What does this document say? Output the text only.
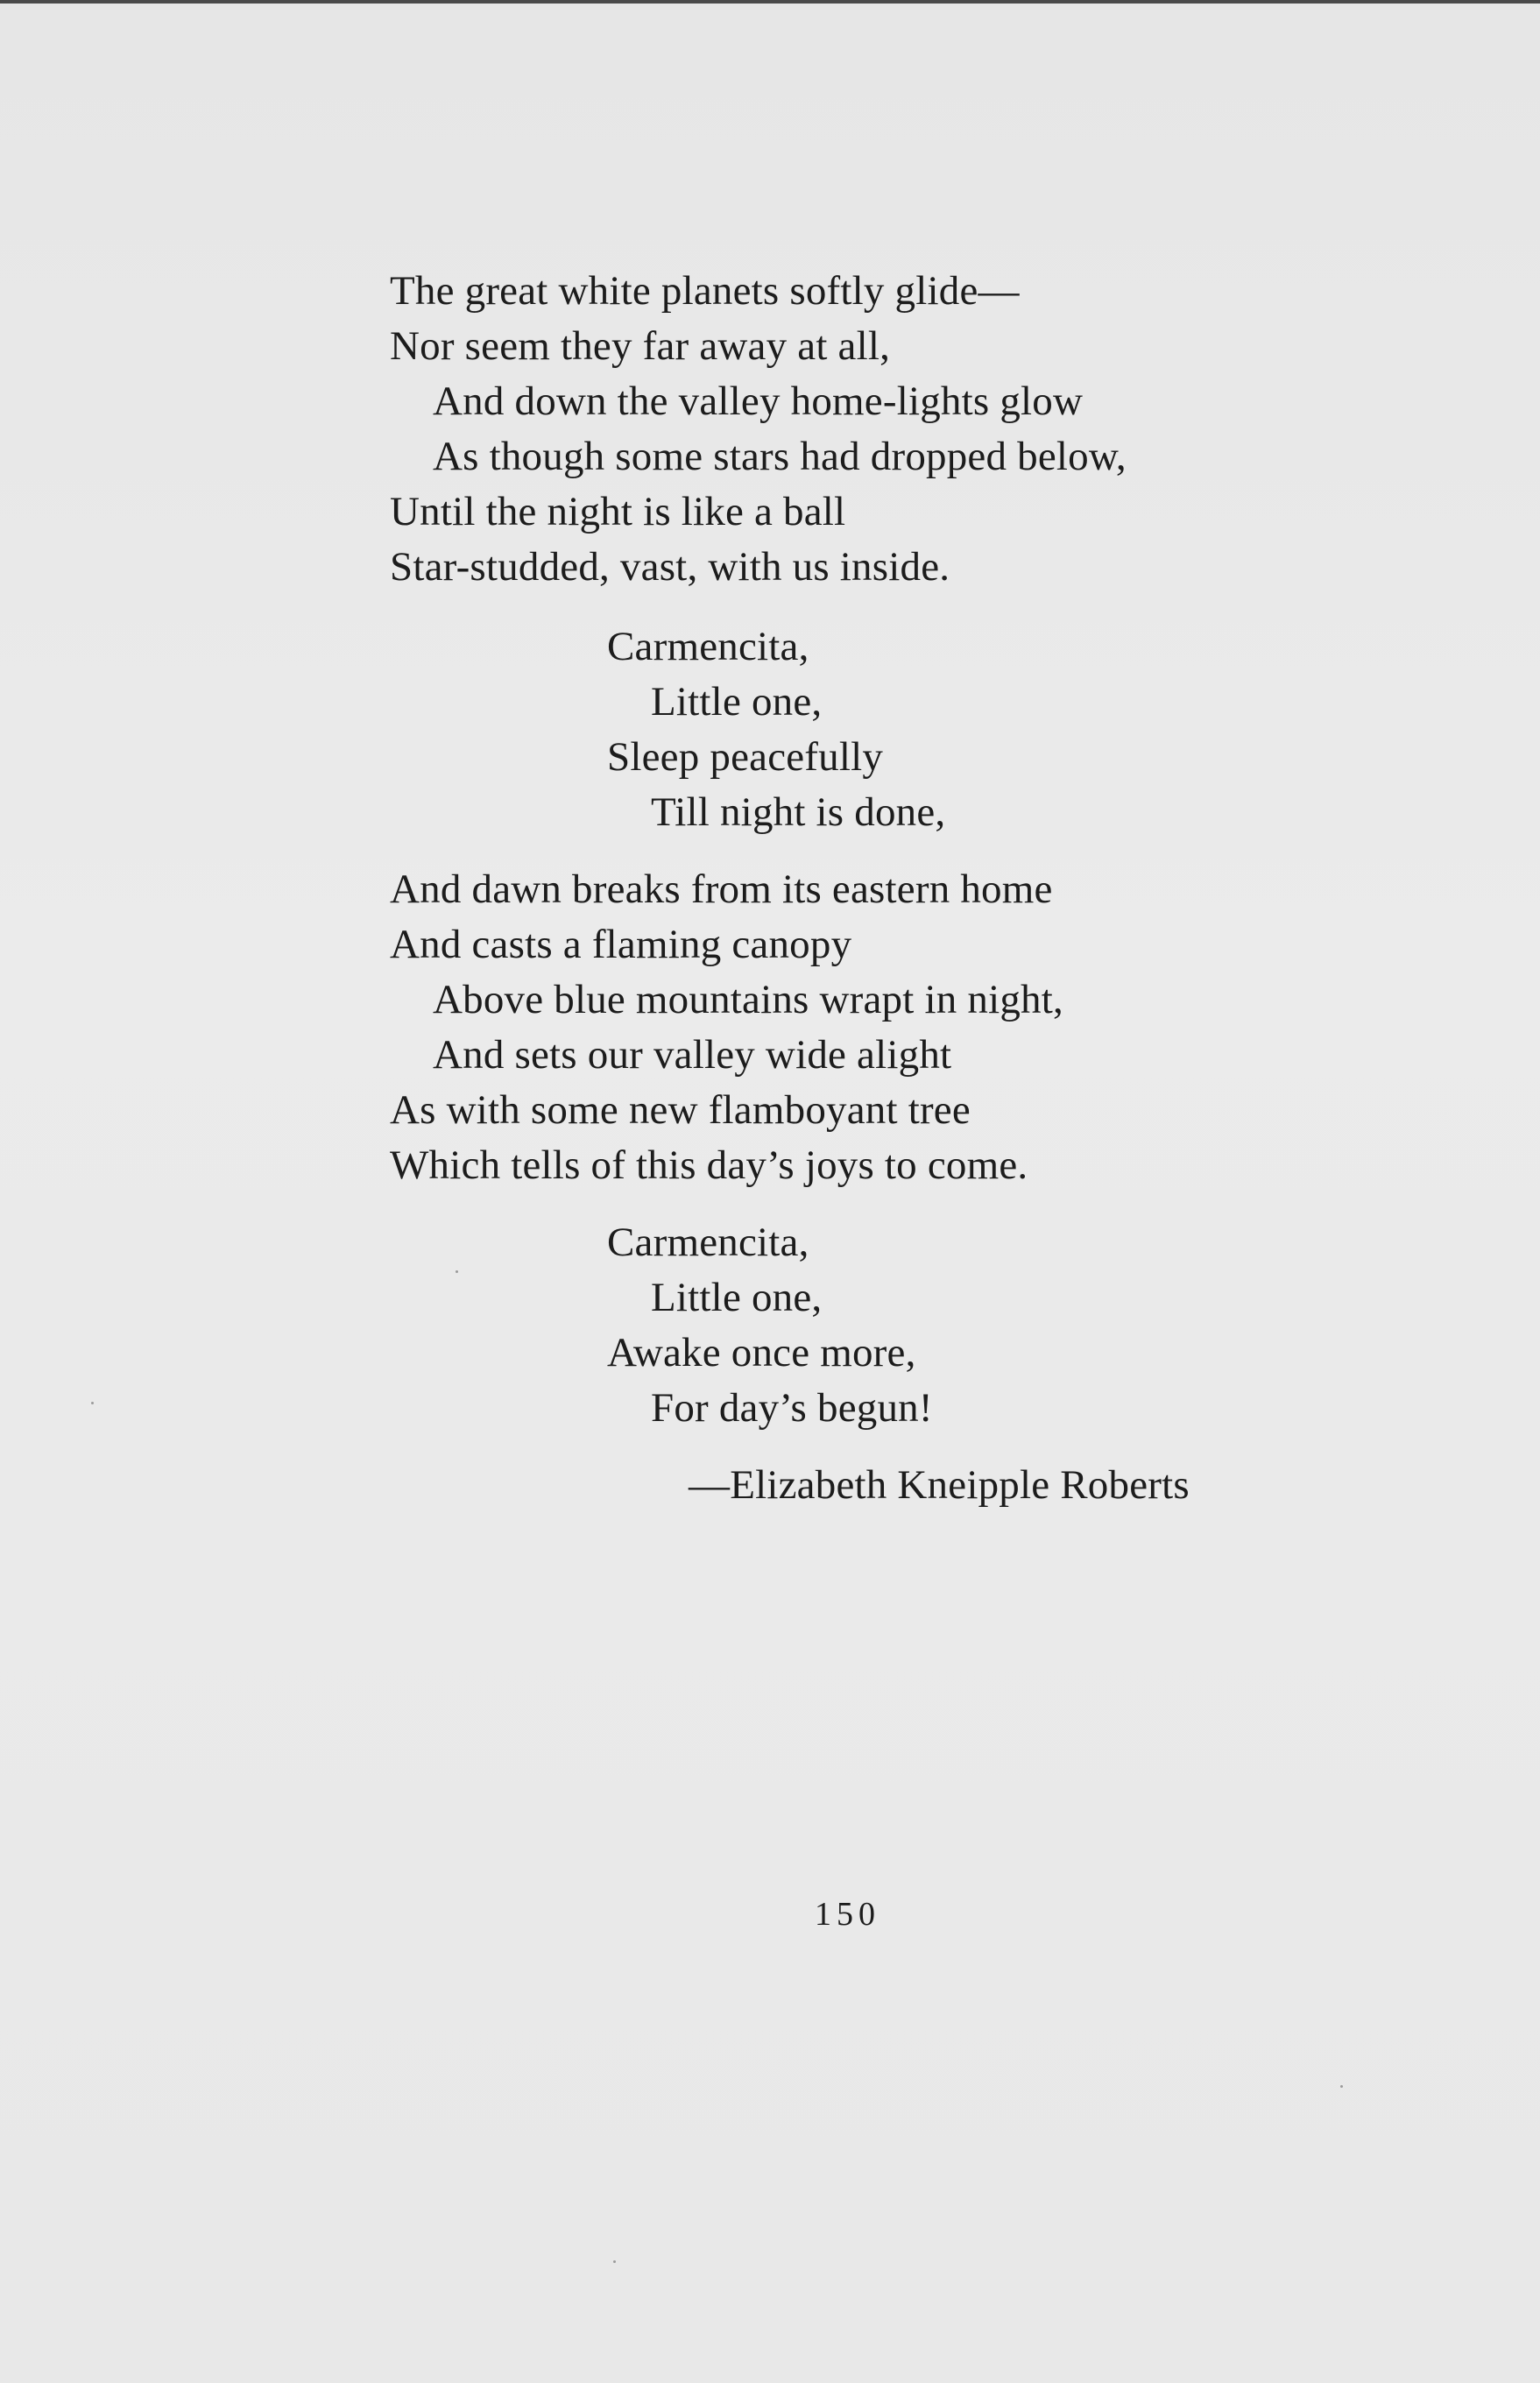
The great white planets softly glide—
Nor seem they far away at all,
And down the valley home-lights glow
As though some stars had dropped below,
Until the night is like a ball
Star-studded, vast, with us inside.
Carmencita,
Little one,
Sleep peacefully
Till night is done,
And dawn breaks from its eastern home
And casts a flaming canopy
Above blue mountains wrapt in night,
And sets our valley wide alight
As with some new flamboyant tree
Which tells of this day’s joys to come.
Carmencita,
Little one,
Awake once more,
For day’s begun!
—Elizabeth Kneipple Roberts
150
